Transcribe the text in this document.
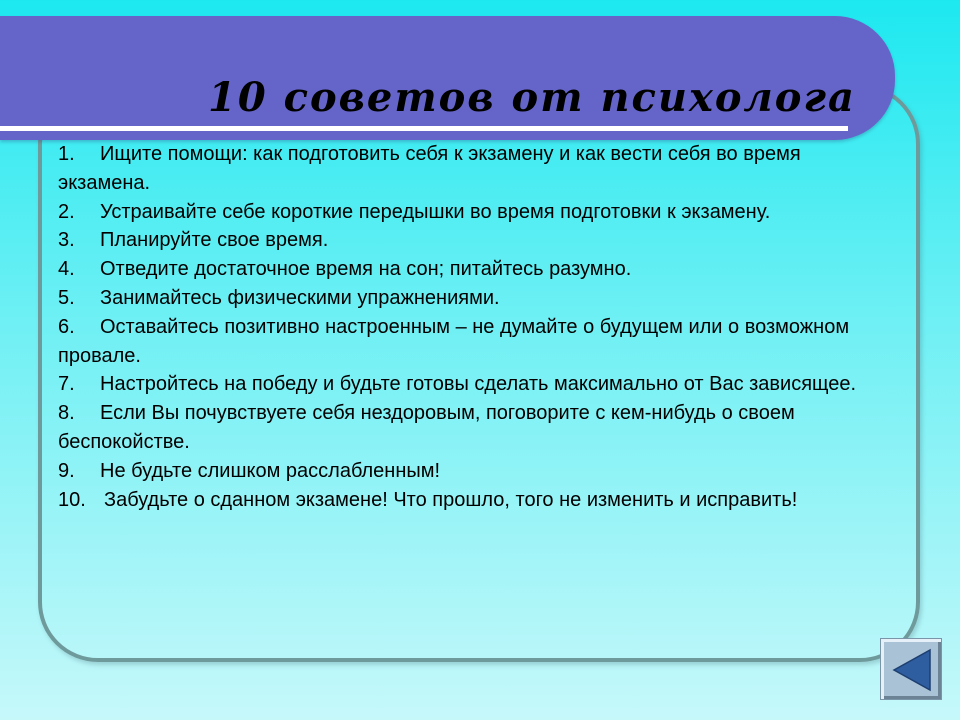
10 советов от психолога
1. Ищите помощи: как подготовить себя к экзамену и как вести себя во время экзамена.
2. Устраивайте себе короткие передышки во время подготовки к экзамену.
3. Планируйте свое время.
4. Отведите достаточное время на сон; питайтесь разумно.
5. Занимайтесь физическими упражнениями.
6. Оставайтесь позитивно настроенным – не думайте о будущем или о возможном провале.
7. Настройтесь на победу и будьте готовы сделать максимально от Вас зависящее.
8. Если Вы почувствуете себя нездоровым, поговорите с кем-нибудь о своем беспокойстве.
9. Не будьте слишком расслабленным!
10. Забудьте о сданном экзамене! Что прошло, того не изменить и исправить!
